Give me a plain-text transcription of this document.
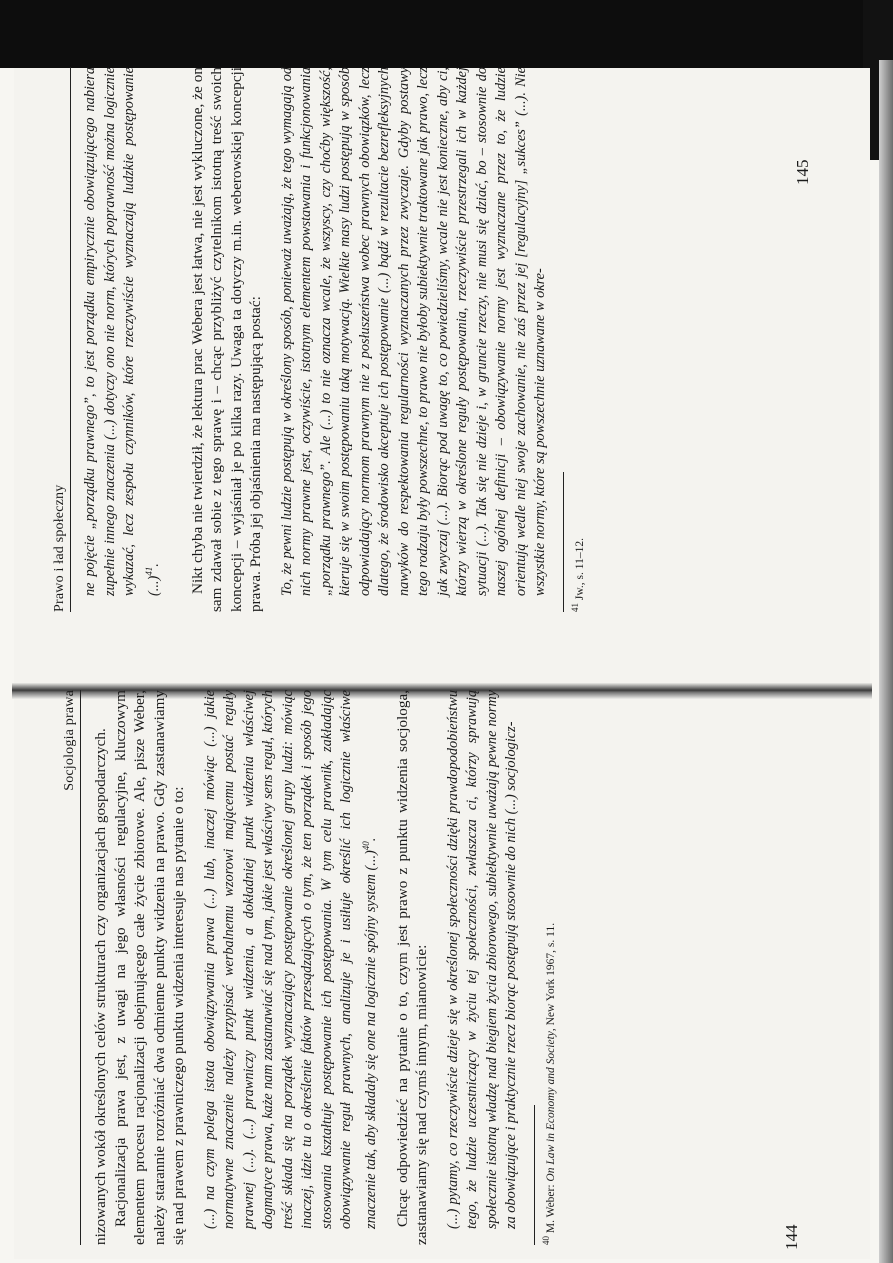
Prawo i ład społeczny ne pojęcie „porządku prawnego”, to jest porządku empirycznie obowiązującego nabiera zupełnie innego znaczenia (...) dotyczy ono nie norm, których poprawność można logicznie wykazać, lecz zespołu czynników, które rzeczywiście wyznaczają ludzkie postępowanie (...)$^{41}$. Nikt chyba nie twierdził, że lektura prac Webera jest łatwa, nie jest wykluczone, że on sam zdawał sobie z tego sprawę i – chcąc przybliżyć czytelnikom istotną treść swoich koncepcji – wyjaśniał je po kilka razy. Uwaga ta dotyczy m.in. weberowskiej koncepcji prawa. Próba jej objaśnienia ma następującą postać: To, że pewni ludzie postępują w określony sposób, ponieważ uważają, że tego wymagają od nich normy prawne jest, oczywiście, istotnym elementem powstawania i funkcjonowania „porządku prawnego”. Ale (...) to nie oznacza wcale, że wszyscy, czy choćby większość, kieruje się w swoim postępowaniu taką motywacją. Wielkie masy ludzi postępują w sposób odpowiadający normom prawnym nie z posłuszeństwa wobec prawnych obowiązków, lecz dlatego, że środowisko akceptuje ich postępowanie (...) bądź w rezultacie bezrefleksyjnych nawyków do respektowania regularności wyznaczanych przez zwyczaje. Gdyby postawy tego rodzaju były powszechne, to prawo nie byłoby subiektywnie traktowane jak prawo, lecz jak zwyczaj (...). Biorąc pod uwagę to, co powiedzieliśmy, wcale nie jest konieczne, aby ci, którzy wierzą w określone reguły postępowania, rzeczywiście przestrzegali ich w każdej sytuacji (...). Tak się nie dzieje i, w gruncie rzeczy, nie musi się dziać, bo – stosownie do naszej ogólnej definicji – obowiązywanie normy jest wyznaczane przez to, że ludzie orientują wedle niej swoje zachowanie, nie zaś przez jej [regulacyjny] „sukces” (...). Nie wszystkie normy, które są powszechnie uznawane w okre-

$^{41}$ Jw., s. 11–12.
145
Socjologia prawa nizowanych wokół określonych celów strukturach czy organizacjach gospodarczych. Racjonalizacja prawa jest, z uwagi na jego własności regulacyjne, kluczowym elementem procesu racjonalizacji obejmującego całe życie zbiorowe. Ale, pisze Weber, należy starannie rozróżniać dwa odmienne punkty widzenia na prawo. Gdy zastanawiamy się nad prawem z prawniczego punktu widzenia interesuje nas pytanie o to: (...) na czym polega istota obowiązywania prawa (...) lub, inaczej mówiąc (...) jakie normatywne znaczenie należy przypisać werbalnemu wzorowi mającemu postać reguły prawnej (...). (...) prawniczy punkt widzenia, a dokładniej punkt widzenia właściwej dogmatyce prawa, każe nam zastanawiać się nad tym, jakie jest właściwy sens reguł, których treść składa się na porządek wyznaczający postępowanie określonej grupy ludzi: mówiąc inaczej, idzie tu o określenie faktów przesądzających o tym, że ten porządek i sposób jego stosowania kształtuje postępowanie ich postępowania. W tym celu prawnik, zakładając obowiązywanie reguł prawnych, analizuje je i usiłuje określić ich logicznie właściwe znaczenie tak, aby składały się one na logicznie spójny system (...)$^{40}$. Chcąc odpowiedzieć na pytanie o to, czym jest prawo z punktu widzenia socjologa, zastanawiamy się nad czymś innym, mianowicie: (...) pytamy, co rzeczywiście dzieje się w określonej społeczności dzięki prawdopodobieństwu tego, że ludzie uczestniczący w życiu tej społeczności, zwłaszcza ci, którzy sprawują społecznie istotną władzę nad biegiem życia zbiorowego, subiektywnie uważają pewne normy za obowiązujące i praktycznie rzecz biorąc postępują stosownie do nich (...) socjologicz-

$^{40}$ M. Weber: On Law in Economy and Society, New York 1967, s. 11.
144
